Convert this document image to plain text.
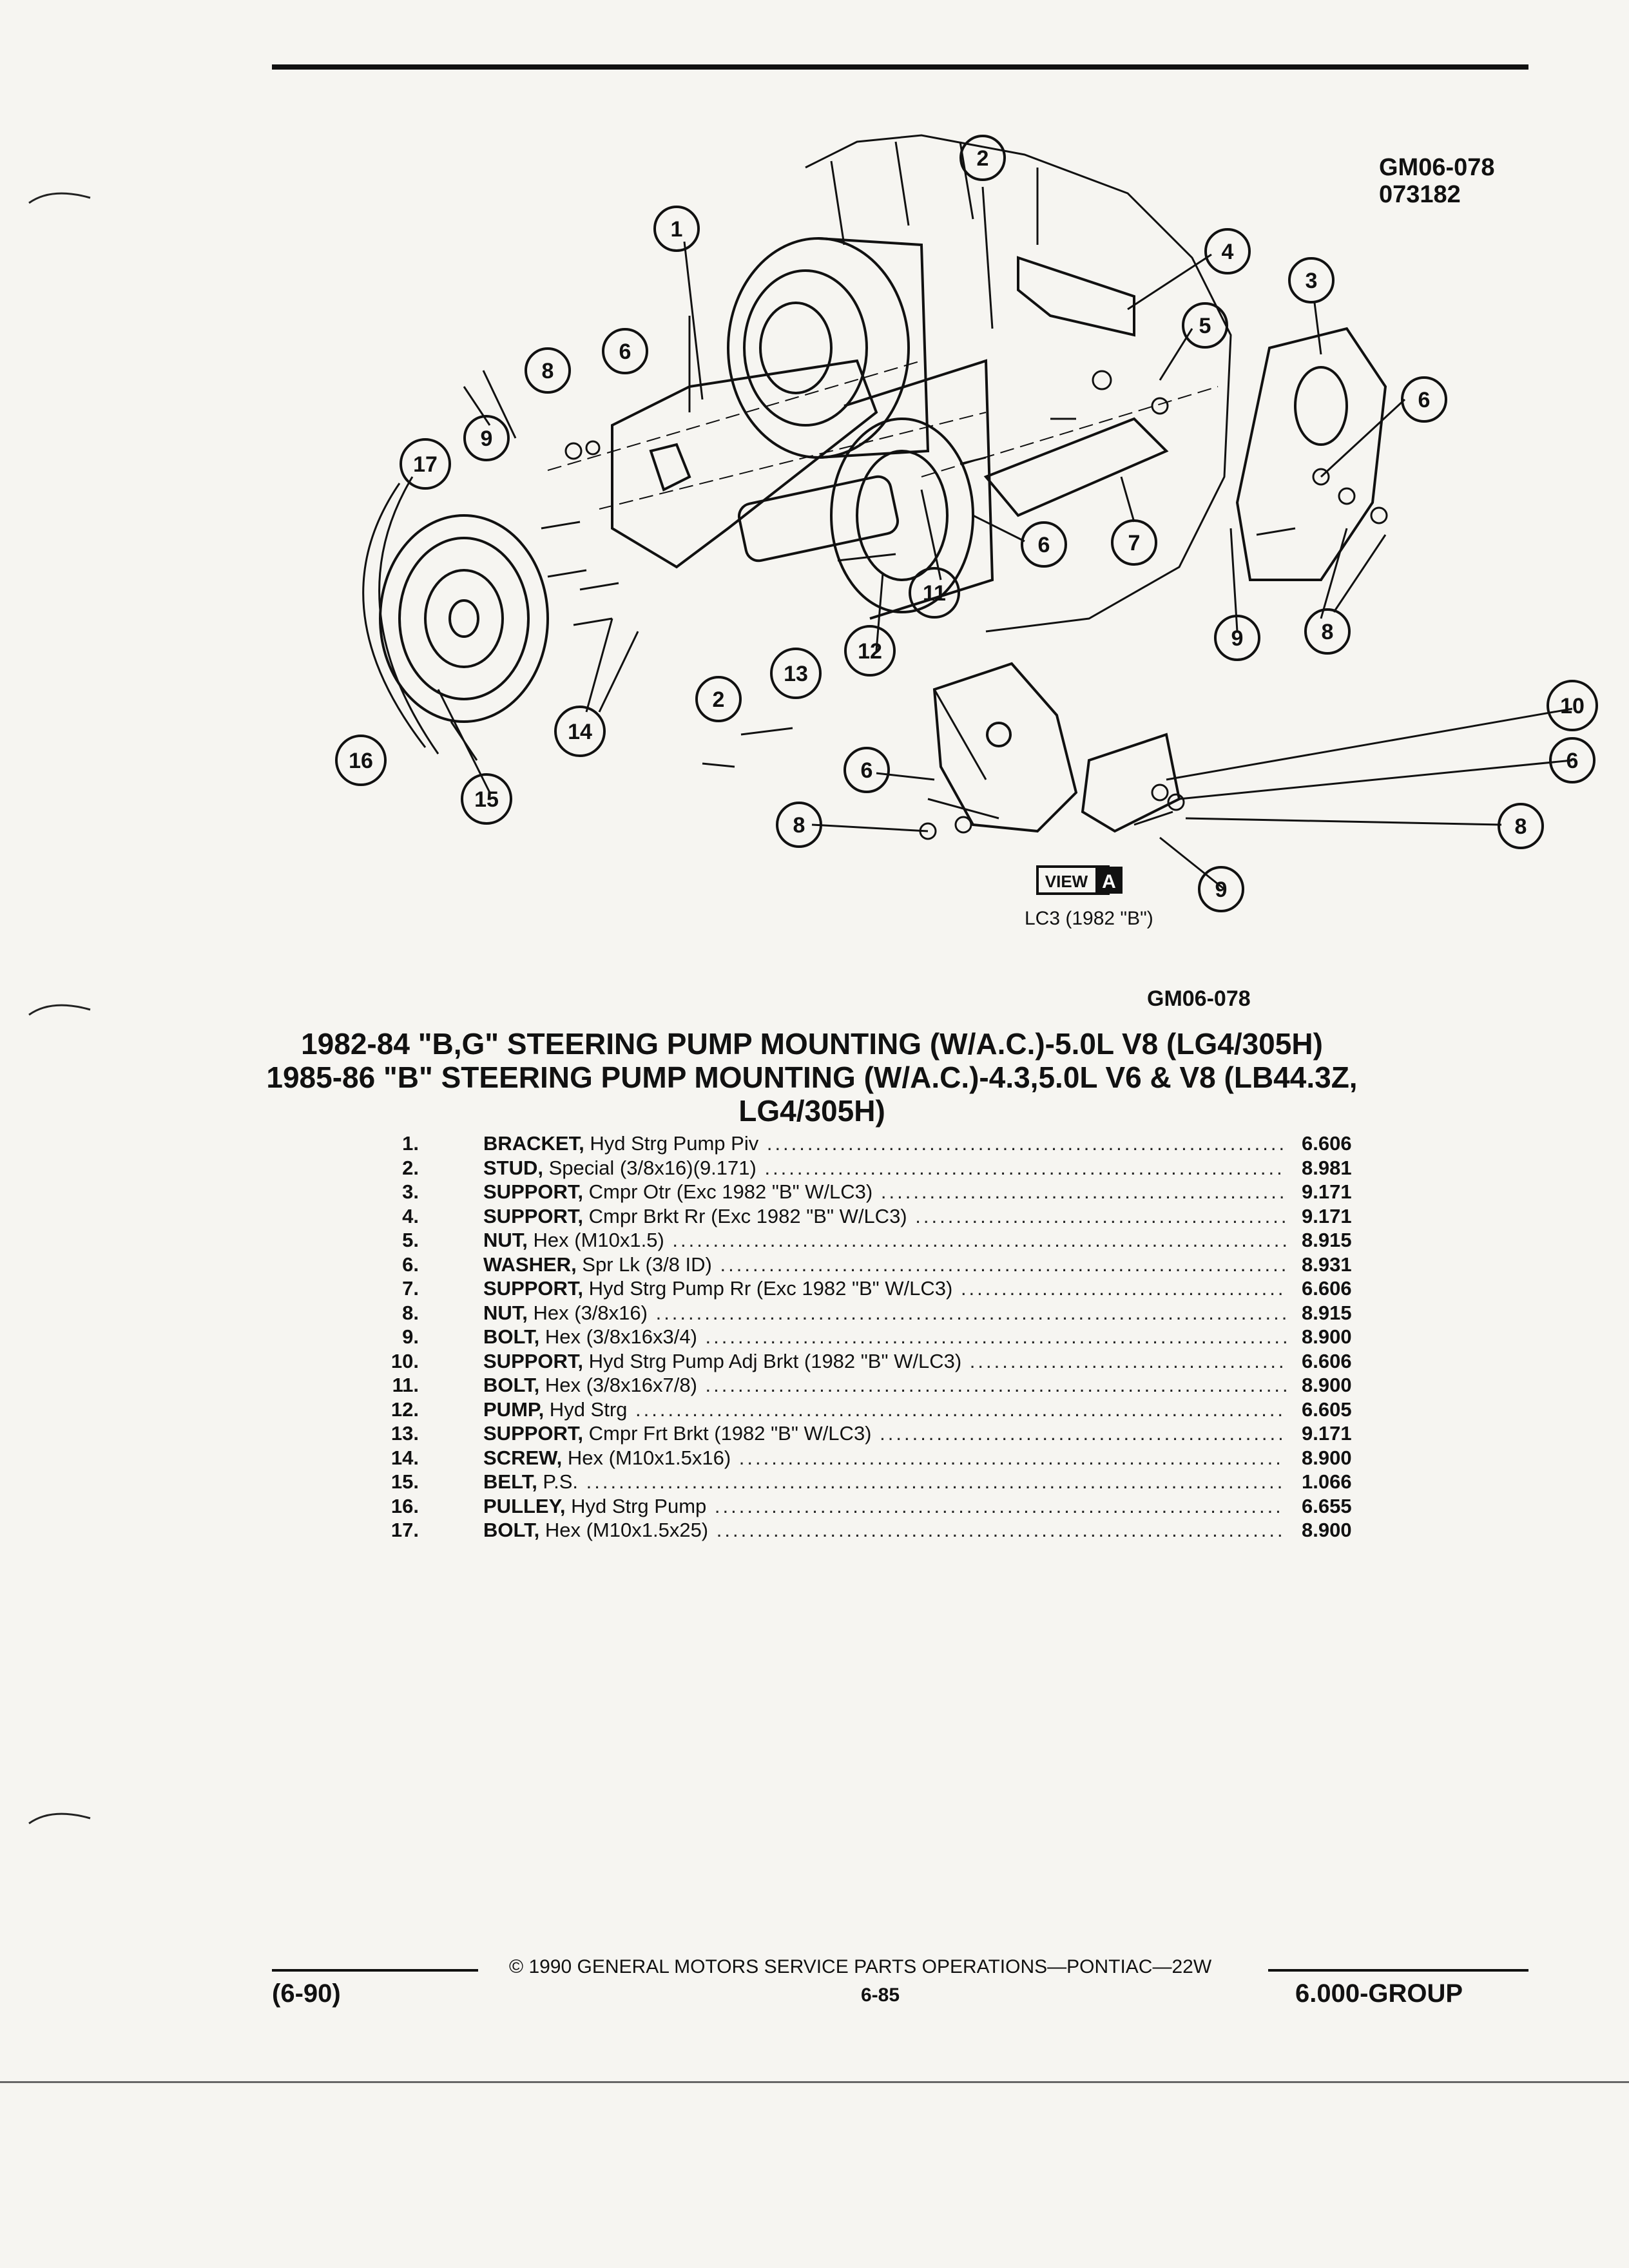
GM06-078
073182
VIEW A
LC3 (1982 "B")
1
2
3
4
5
6
6
6
6	6
7
8
8
8	8
9
9
9
10
11
12
13
2
14
15
16
17
GM06-078
1982-84 "B,G" STEERING PUMP MOUNTING (W/A.C.)-5.0L V8 (LG4/305H)
1985-86 "B" STEERING PUMP MOUNTING (W/A.C.)-4.3,5.0L V6 & V8 (LB44.3Z,
LG4/305H)
1.	BRACKET, Hyd Strg Pump Piv ................................................................ 6.606
2.	STUD, Special (3/8x16)(9.171) ................................................................ 8.981
3.	SUPPORT, Cmpr Otr (Exc 1982 "B" W/LC3) .................................................. 9.171
4.	SUPPORT, Cmpr Brkt Rr (Exc 1982 "B" W/LC3) .............................................. 9.171
5.	NUT, Hex (M10x1.5) ............................................................................ 8.915
6.	WASHER, Spr Lk (3/8 ID) ...................................................................... 8.931
7.	SUPPORT, Hyd Strg Pump Rr (Exc 1982 "B" W/LC3) ........................................ 6.606
8.	NUT, Hex (3/8x16) .............................................................................. 8.915
9.	BOLT, Hex (3/8x16x3/4) ........................................................................ 8.900
10.	SUPPORT, Hyd Strg Pump Adj Brkt (1982 "B" W/LC3) ....................................... 6.606
11.	BOLT, Hex (3/8x16x7/8) ........................................................................ 8.900
12.	PUMP, Hyd Strg ................................................................................ 6.605
13.	SUPPORT, Cmpr Frt Brkt (1982 "B" W/LC3) .................................................. 9.171
14.	SCREW, Hex (M10x1.5x16) ................................................................... 8.900
15.	BELT, P.S. ...................................................................................... 1.066
16.	PULLEY, Hyd Strg Pump ...................................................................... 6.655
17.	BOLT, Hex (M10x1.5x25) ...................................................................... 8.900
© 1990 GENERAL MOTORS SERVICE PARTS OPERATIONS—PONTIAC—22W
(6-90)	6-85	6.000-GROUP
